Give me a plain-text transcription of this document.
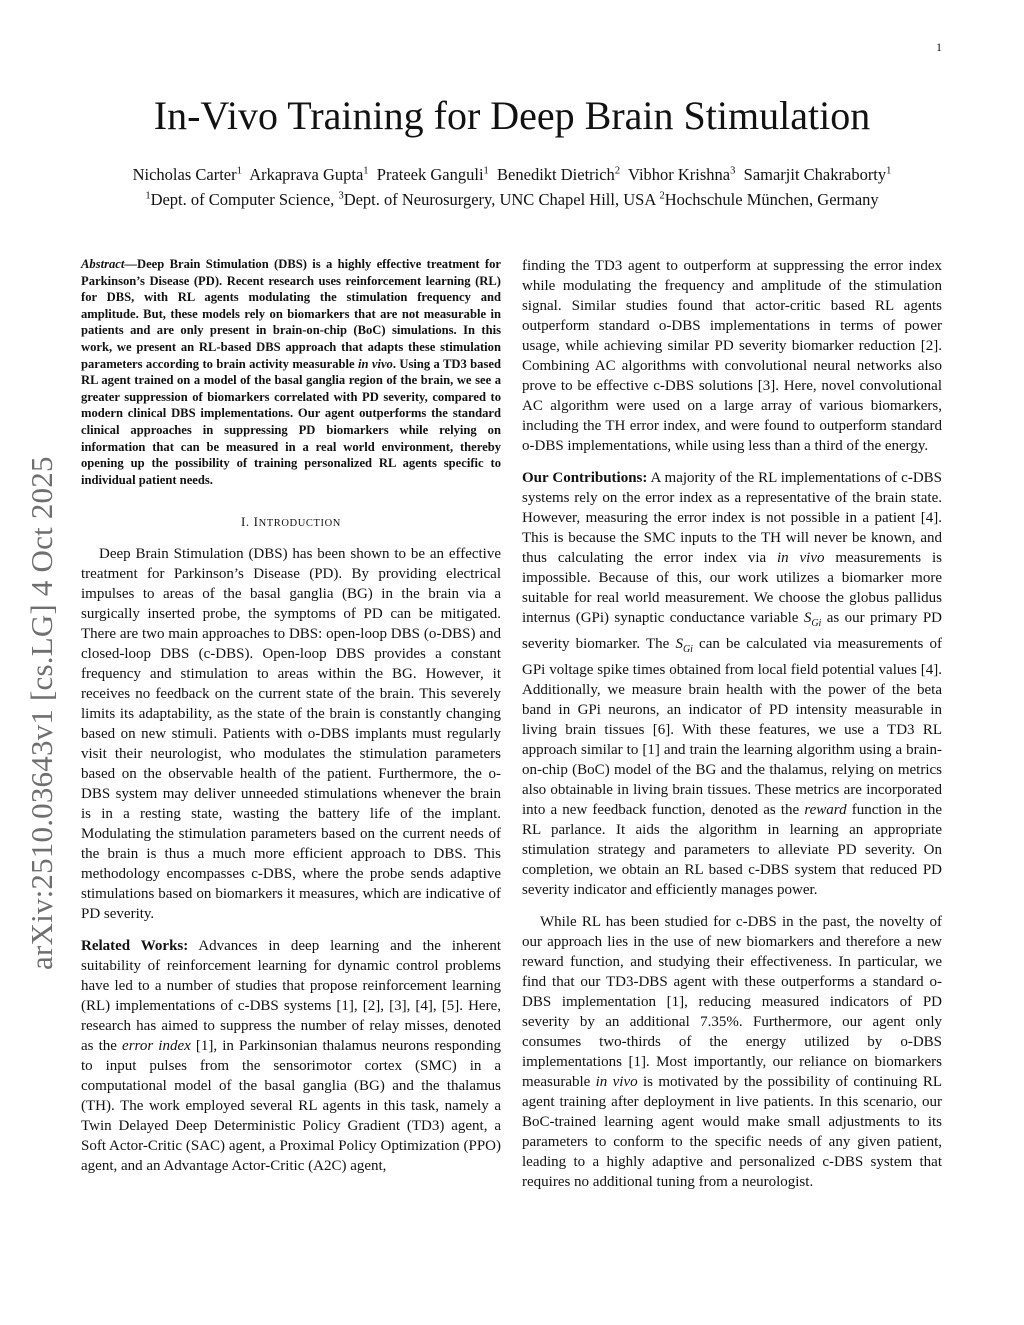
1
arXiv:2510.03643v1 [cs.LG] 4 Oct 2025
In-Vivo Training for Deep Brain Stimulation
Nicholas Carter$^1$ Arkaprava Gupta$^1$ Prateek Ganguli$^1$ Benedikt Dietrich$^2$ Vibhor Krishna$^3$ Samarjit Chakraborty$^1$
$^1$Dept. of Computer Science, $^3$Dept. of Neurosurgery, UNC Chapel Hill, USA $^2$Hochschule München, Germany

Abstract—Deep Brain Stimulation (DBS) is a highly effective treatment for Parkinson’s Disease (PD). Recent research uses reinforcement learning (RL) for DBS, with RL agents modulating the stimulation frequency and amplitude. But, these models rely on biomarkers that are not measurable in patients and are only present in brain-on-chip (BoC) simulations. In this work, we present an RL-based DBS approach that adapts these stimulation parameters according to brain activity measurable in vivo. Using a TD3 based RL agent trained on a model of the basal ganglia region of the brain, we see a greater suppression of biomarkers correlated with PD severity, compared to modern clinical DBS implementations. Our agent outperforms the standard clinical approaches in suppressing PD biomarkers while relying on information that can be measured in a real world environment, thereby opening up the possibility of training personalized RL agents specific to individual patient needs.

I. INTRODUCTION

Deep Brain Stimulation (DBS) has been shown to be an effective treatment for Parkinson’s Disease (PD). By providing electrical impulses to areas of the basal ganglia (BG) in the brain via a surgically inserted probe, the symptoms of PD can be mitigated. There are two main approaches to DBS: open-loop DBS (o-DBS) and closed-loop DBS (c-DBS). Open-loop DBS provides a constant frequency and stimulation to areas within the BG. However, it receives no feedback on the current state of the brain. This severely limits its adaptability, as the state of the brain is constantly changing based on new stimuli. Patients with o-DBS implants must regularly visit their neurologist, who modulates the stimulation parameters based on the observable health of the patient. Furthermore, the o-DBS system may deliver unneeded stimulations whenever the brain is in a resting state, wasting the battery life of the implant. Modulating the stimulation parameters based on the current needs of the brain is thus a much more efficient approach to DBS. This methodology encompasses c-DBS, where the probe sends adaptive stimulations based on biomarkers it measures, which are indicative of PD severity.

Related Works: Advances in deep learning and the inherent suitability of reinforcement learning for dynamic control problems have led to a number of studies that propose reinforcement learning (RL) implementations of c-DBS systems [1], [2], [3], [4], [5]. Here, research has aimed to suppress the number of relay misses, denoted as the error index [1], in Parkinsonian thalamus neurons responding to input pulses from the sensorimotor cortex (SMC) in a computational model of the basal ganglia (BG) and the thalamus (TH). The work employed several RL agents in this task, namely a Twin Delayed Deep Deterministic Policy Gradient (TD3) agent, a Soft Actor-Critic (SAC) agent, a Proximal Policy Optimization (PPO) agent, and an Advantage Actor-Critic (A2C) agent,

finding the TD3 agent to outperform at suppressing the error index while modulating the frequency and amplitude of the stimulation signal. Similar studies found that actor-critic based RL agents outperform standard o-DBS implementations in terms of power usage, while achieving similar PD severity biomarker reduction [2]. Combining AC algorithms with convolutional neural networks also prove to be effective c-DBS solutions [3]. Here, novel convolutional AC algorithm were used on a large array of various biomarkers, including the TH error index, and were found to outperform standard o-DBS implementations, while using less than a third of the energy.

Our Contributions: A majority of the RL implementations of c-DBS systems rely on the error index as a representative of the brain state. However, measuring the error index is not possible in a patient [4]. This is because the SMC inputs to the TH will never be known, and thus calculating the error index via in vivo measurements is impossible. Because of this, our work utilizes a biomarker more suitable for real world measurement. We choose the globus pallidus internus (GPi) synaptic conductance variable $S_{Gi}$ as our primary PD severity biomarker. The $S_{Gi}$ can be calculated via measurements of GPi voltage spike times obtained from local field potential values [4]. Additionally, we measure brain health with the power of the beta band in GPi neurons, an indicator of PD intensity measurable in living brain tissues [6]. With these features, we use a TD3 RL approach similar to [1] and train the learning algorithm using a brain-on-chip (BoC) model of the BG and the thalamus, relying on metrics also obtainable in living brain tissues. These metrics are incorporated into a new feedback function, denoted as the reward function in the RL parlance. It aids the algorithm in learning an appropriate stimulation strategy and parameters to alleviate PD severity. On completion, we obtain an RL based c-DBS system that reduced PD severity indicator and efficiently manages power.

While RL has been studied for c-DBS in the past, the novelty of our approach lies in the use of new biomarkers and therefore a new reward function, and studying their effectiveness. In particular, we find that our TD3-DBS agent with these outperforms a standard o-DBS implementation [1], reducing measured indicators of PD severity by an additional 7.35%. Furthermore, our agent only consumes two-thirds of the energy utilized by o-DBS implementations [1]. Most importantly, our reliance on biomarkers measurable in vivo is motivated by the possibility of continuing RL agent training after deployment in live patients. In this scenario, our BoC-trained learning agent would make small adjustments to its parameters to conform to the specific needs of any given patient, leading to a highly adaptive and personalized c-DBS system that requires no additional tuning from a neurologist.
